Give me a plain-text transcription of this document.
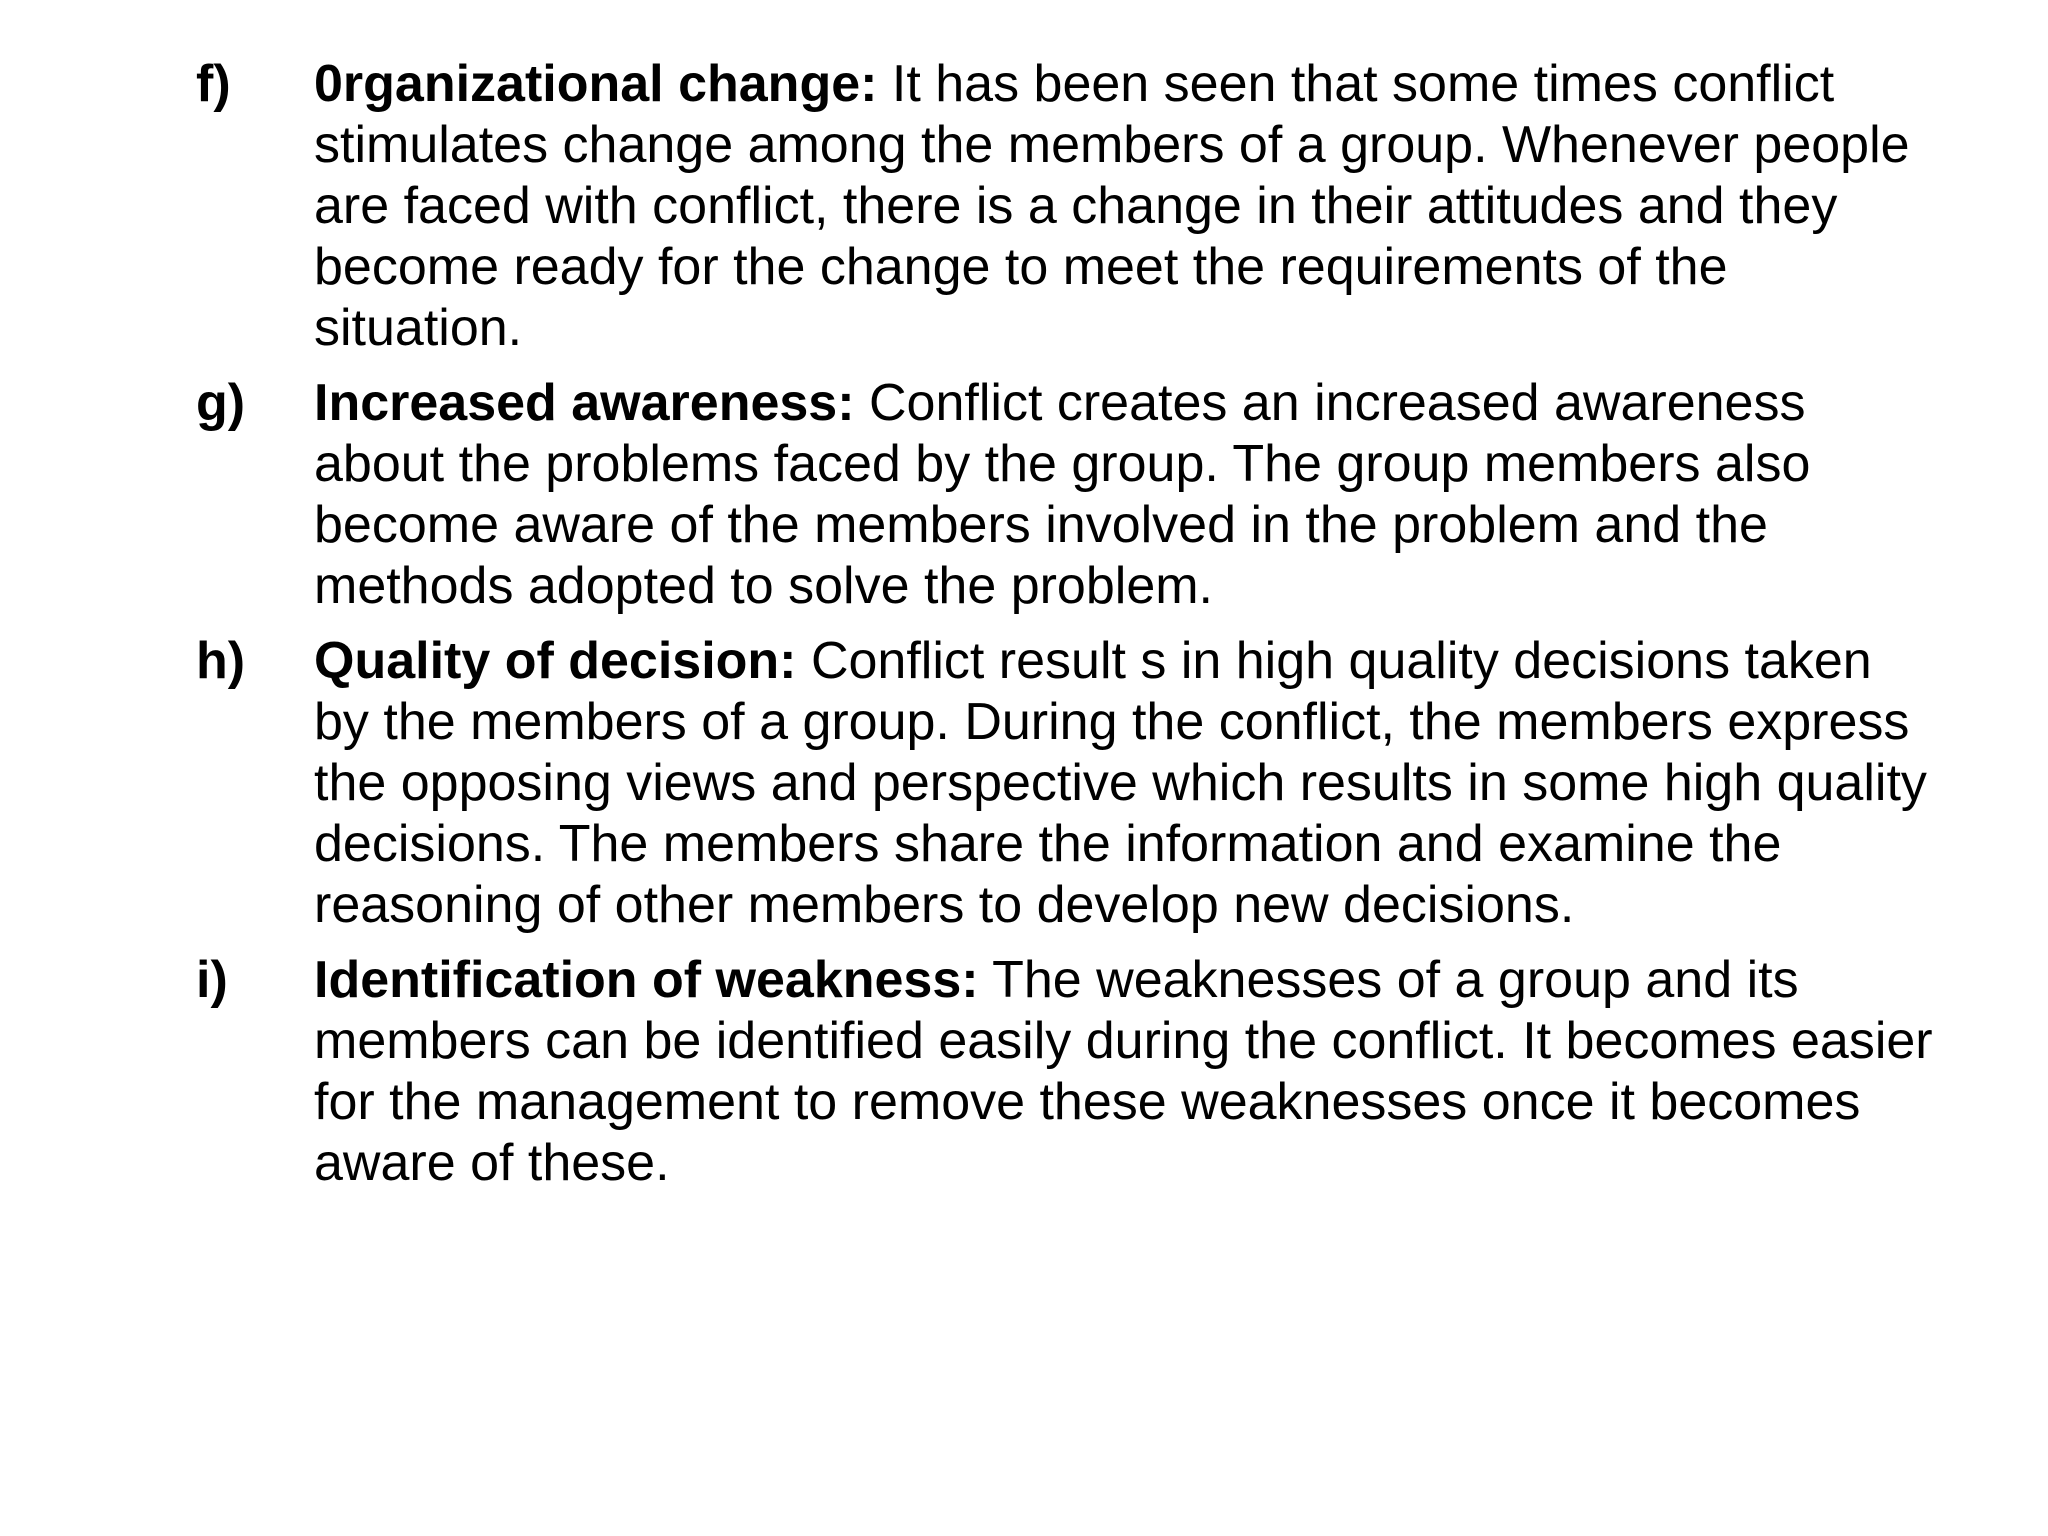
f) 0rganizational change: It has been seen that some times conflict stimulates change among the members of a group. Whenever people are faced with conflict, there is a change in their attitudes and they become ready for the change to meet the requirements of the situation.
g) Increased awareness: Conflict creates an increased awareness about the problems faced by the group. The group members also become aware of the members involved in the problem and the methods adopted to solve the problem.
h) Quality of decision: Conflict result s in high quality decisions taken by the members of a group. During the conflict, the members express the opposing views and perspective which results in some high quality decisions. The members share the information and examine the reasoning of other members to develop new decisions.
i) Identification of weakness: The weaknesses of a group and its members can be identified easily during the conflict. It becomes easier for the management to remove these weaknesses once it becomes aware of these.
